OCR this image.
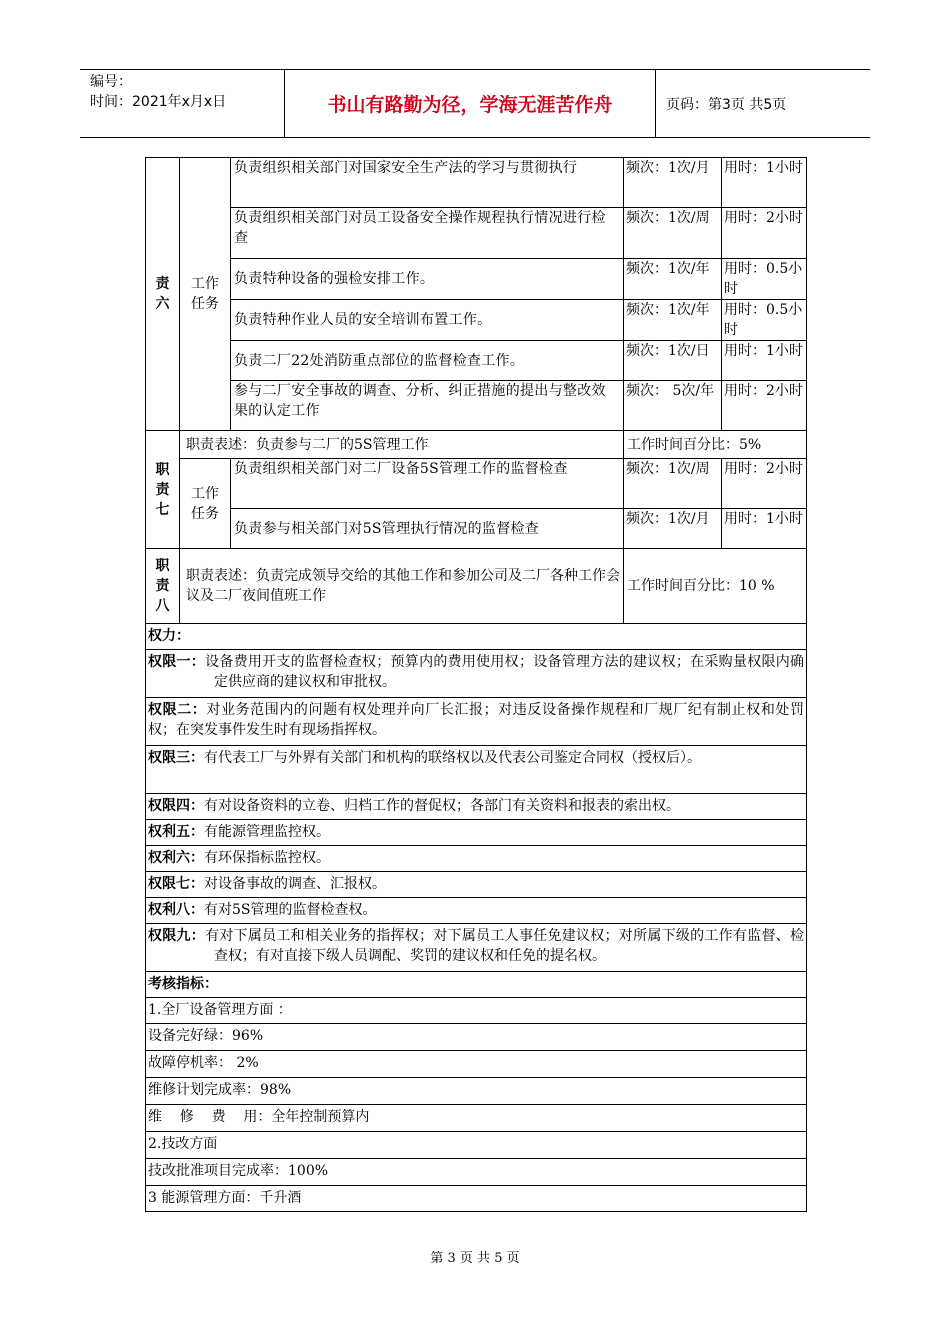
编号：
时间：2021年x月x日	书山有路勤为径，学海无涯苦作舟	页码：第3页 共5页
责
六	工作
任务	负责组织相关部门对国家安全生产法的学习与贯彻执行	频次：1次/月	用时：1小时
		负责组织相关部门对员工设备安全操作规程执行情况进行检查	频次：1次/周	用时：2小时
		负责特种设备的强检安排工作。	频次：1次/年	用时：0.5小时
		负责特种作业人员的安全培训布置工作。	频次：1次/年	用时：0.5小时
		负责二厂22处消防重点部位的监督检查工作。	频次：1次/日	用时：1小时
		参与二厂安全事故的调查、分析、纠正措施的提出与整改效果的认定工作	频次： 5次/年	用时：2小时
职
责
七	职责表述：负责参与二厂的5S管理工作		工作时间百分比：5%	
	工作
任务	负责组织相关部门对二厂设备5S管理工作的监督检查	频次：1次/周	用时：2小时
		负责参与相关部门对5S管理执行情况的监督检查	频次：1次/月	用时：1小时
职
责
八	职责表述：负责完成领导交给的其他工作和参加公司及二厂各种工作会议及二厂夜间值班工作		工作时间百分比：10 %	
权力：				

权限一：设备费用开支的监督检查权；预算内的费用使用权；设备管理方法的建议权；在采购量权限内确定供应商的建议权和审批权。				

权限二：对业务范围内的问题有权处理并向厂长汇报；对违反设备操作规程和厂规厂纪有制止权和处罚权；在突发事件发生时有现场指挥权。				
权限三：有代表工厂与外界有关部门和机构的联络权以及代表公司鉴定合同权（授权后）。				
权限四：有对设备资料的立卷、归档工作的督促权；各部门有关资料和报表的索出权。				
权利五：有能源管理监控权。				
权利六：有环保指标监控权。				
权限七：对设备事故的调查、汇报权。				
权利八：有对5S管理的监督检查权。				

权限九：有对下属员工和相关业务的指挥权；对下属员工人事任免建议权；对所属下级的工作有监督、检查权；有对直接下级人员调配、奖罚的建议权和任免的提名权。				

考核指标：				
1.全厂设备管理方面 ：				
设备完好绿：96%				
故障停机率： 2%				
维修计划完成率：98%				
维    修    费    用：全年控制预算内				
2.技改方面				
技改批准项目完成率：100%				
3 能源管理方面：千升酒				
第 3 页 共 5 页
